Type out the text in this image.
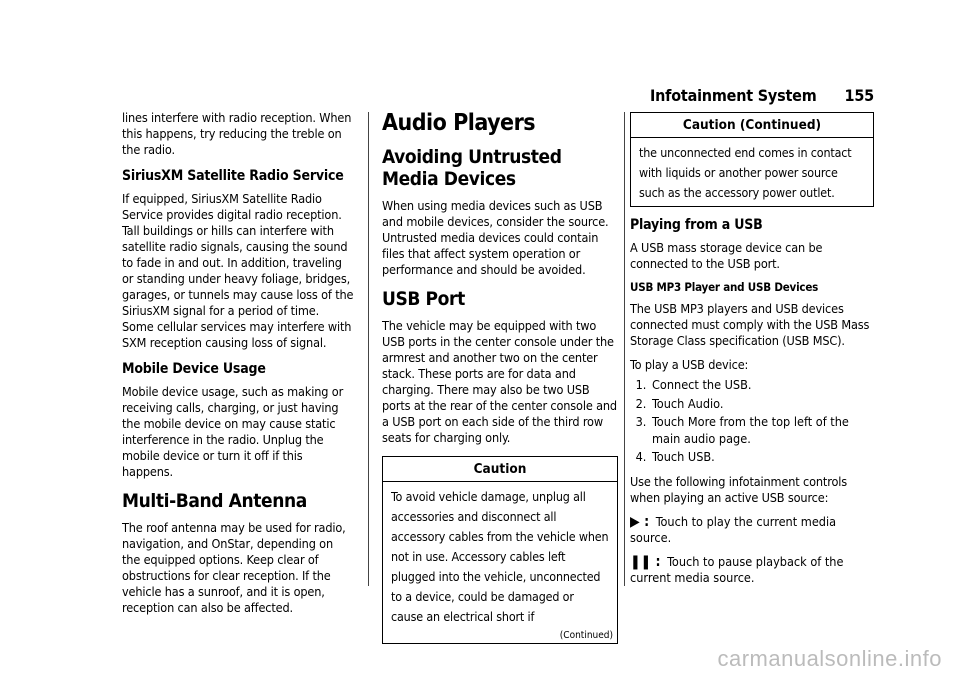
Infotainment System 155

lines interfere with radio reception. When this happens, try reducing the treble on the radio.

SiriusXM Satellite Radio Service

If equipped, SiriusXM Satellite Radio Service provides digital radio reception. Tall buildings or hills can interfere with satellite radio signals, causing the sound to fade in and out. In addition, traveling or standing under heavy foliage, bridges, garages, or tunnels may cause loss of the SiriusXM signal for a period of time. Some cellular services may interfere with SXM reception causing loss of signal.

Mobile Device Usage

Mobile device usage, such as making or receiving calls, charging, or just having the mobile device on may cause static interference in the radio. Unplug the mobile device or turn it off if this happens.

Multi-Band Antenna

The roof antenna may be used for radio, navigation, and OnStar, depending on the equipped options. Keep clear of obstructions for clear reception. If the vehicle has a sunroof, and it is open, reception can also be affected.

Audio Players
Avoiding Untrusted Media Devices

When using media devices such as USB and mobile devices, consider the source. Untrusted media devices could contain files that affect system operation or performance and should be avoided.

USB Port

The vehicle may be equipped with two USB ports in the center console under the armrest and another two on the center stack. These ports are for data and charging. There may also be two USB ports at the rear of the center console and a USB port on each side of the third row seats for charging only.

Caution
To avoid vehicle damage, unplug all accessories and disconnect all accessory cables from the vehicle when not in use. Accessory cables left plugged into the vehicle, unconnected to a device, could be damaged or cause an electrical short if
(Continued)
Caution (Continued)
the unconnected end comes in contact with liquids or another power source such as the accessory power outlet.
Playing from a USB

A USB mass storage device can be connected to the USB port.

USB MP3 Player and USB Devices

The USB MP3 players and USB devices connected must comply with the USB Mass Storage Class specification (USB MSC).

To play a USB device:

1. Connect the USB.
2. Touch Audio.
3. Touch More from the top left of the main audio page.
4. Touch USB.

Use the following infotainment controls when playing an active USB source:

▶ : Touch to play the current media source.
❚❚ : Touch to pause playback of the current media source.
carmanualsonline.info
